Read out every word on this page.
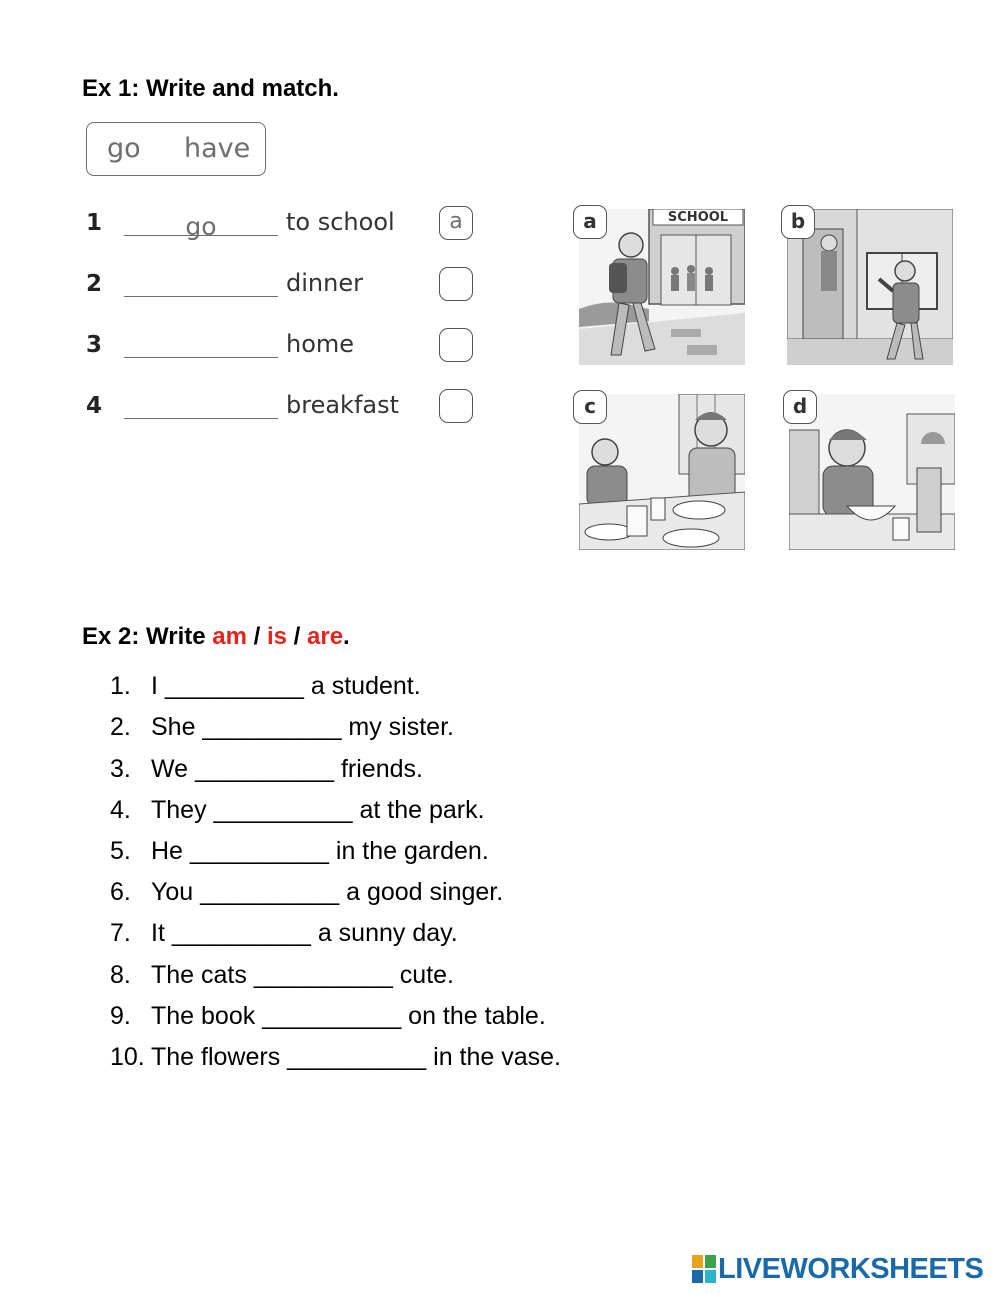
Ex 1: Write and match.
go have
1	go	to school	a
2	dinner
3	home
4	breakfast
SCHOOL
a	b
c	d
Ex 2: Write am / is / are.
1. I __________ a student.
2. She __________ my sister.
3. We __________ friends.
4. They __________ at the park.
5. He __________ in the garden.
6. You __________ a good singer.
7. It __________ a sunny day.
8. The cats __________ cute.
9. The book __________ on the table.
10. The flowers __________ in the vase.
LIVEWORKSHEETS
